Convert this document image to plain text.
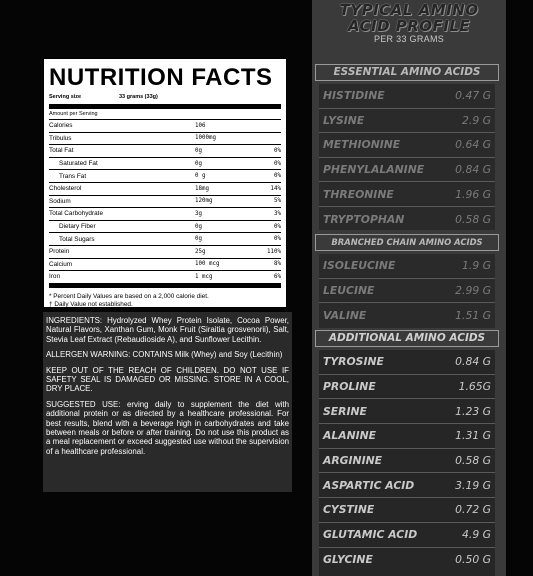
NUTRITION FACTS
Serving size	33 grams (33g)
Amount per Serving		
Calories	106	
Tribulus	1000mg	
Total Fat	0g	0%
Saturated Fat	0g	0%
Trans Fat	0 g	0%
Cholesterol	18mg	14%
Sodium	120mg	5%
Total Carbohydrate	3g	3%
Dietary Fiber	0g	0%
Total Sugars	0g	0%
Protein	25g	110%
Calcium	100 mcg	8%
Iron	1 mcg	6%
* Percent Daily Values are based on a 2,000 calorie diet.
† Daily Value not established.

INGREDIENTS: Hydrolyzed Whey Protein Isolate, Cocoa Power, Natural Flavors, Xanthan Gum, Monk Fruit (Siraitia grosvenorii), Salt, Stevia Leaf Extract (Rebaudioside A), and Sunflower Lecithin.

ALLERGEN WARNING: CONTAINS Milk (Whey) and Soy (Lecithin)

KEEP OUT OF THE REACH OF CHILDREN. DO NOT USE IF SAFETY SEAL IS DAMAGED OR MISSING. STORE IN A COOL, DRY PLACE.

SUGGESTED USE: erving daily to supplement the diet with additional protein or as directed by a healthcare professional. For best results, blend with a beverage high in carbohydrates and take between meals or before or after training. Do not use this product as a meal replacement or exceed suggested use without the supervision of a healthcare professional.

TYPICAL AMINO
ACID PROFILE
PER 33 GRAMS
ESSENTIAL AMINO ACIDS
HISTIDINE	0.47 G
LYSINE	2.9 G
METHIONINE	0.64 G
PHENYLALANINE	0.84 G
THREONINE	1.96 G
TRYPTOPHAN	0.58 G
BRANCHED CHAIN AMINO ACIDS
ISOLEUCINE	1.9 G
LEUCINE	2.99 G
VALINE	1.51 G
ADDITIONAL AMINO ACIDS
TYROSINE	0.84 G
PROLINE	1.65G
SERINE	1.23 G
ALANINE	1.31 G
ARGININE	0.58 G
ASPARTIC ACID	3.19 G
CYSTINE	0.72 G
GLUTAMIC ACID	4.9 G
GLYCINE	0.50 G
